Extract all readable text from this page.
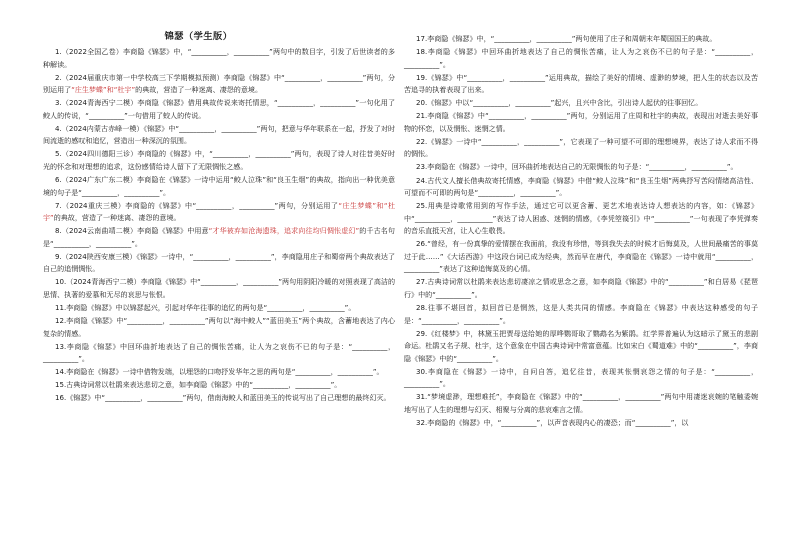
锦瑟（学生版）

1.（2022全国乙卷）李商隐《锦瑟》中，“__________，__________”两句中的数目字，引发了后世读者的多种解读。

2.（2024届重庆市第一中学校高三下学期模拟预测）李商隐《锦瑟》中“__________，__________”两句，分别运用了“庄生梦蝶”和“杜宇”的典故，营造了一种迷离、凄怨的意境。

3.（2024青海西宁二模）李商隐《锦瑟》借用典故传说来寄托情思，“__________，__________”一句化用了鲛人的传说，“__________”一句借用了蛟人的传说。

4.（2024内蒙古赤峰一模）《锦瑟》中“__________，__________”两句，把意与华年联系在一起，抒发了对时间流逝的感叹和追忆，营造出一种深沉的氛围。

5.（2024四川德阳三诊）李商隐的《锦瑟》中，“__________，__________”两句，表现了诗人对往昔美好时光的怀念和对理想的追求，这份感情给诗人留下了无限惆怅之感。

6.（2024广东广东二模）李商隐在《锦瑟》一诗中运用“鲛人泣珠”和“良玉生烟”的典故，指向出一种优美意境的句子是“__________，__________”。

7.（2024重庆三模）李商隐的《锦瑟》中“__________，__________”两句，分别运用了“庄生梦蝶”和“杜宇”的典故，营造了一种迷离、凄怨的意境。

8.（2024云南曲靖二模）李商隐《锦瑟》中用意“才华被弃如沧海遗珠，追求向往均归惆怅虚幻”的千古名句是“__________，__________”。

9.（2024陕西安康三模）《锦瑟》一诗中，“__________，__________”，李商隐用庄子和蜀帝两个典故表达了自己的追惘惆怅。

10.（2024青海西宁二模）李商隐《锦瑟》中“__________，__________”两句用阴阳冷暖的对照表现了高洁的思情、执著的爱慕和无尽的哀思与怅恨。

11.李商隐《锦瑟》中以锦瑟起兴，引起对华年往事的追忆的两句是“__________，__________”。

12.李商隐《锦瑟》中“__________，__________”两句以“海中鲛人”“蓝田美玉”两个典故，含蓄地表达了内心复杂的情感。

13.李商隐《锦瑟》中回环曲折地表达了自己的惆怅苦痛，让人为之哀伤不已的句子是：“__________，__________”。

14.李商隐在《锦瑟》一诗中借物发端，以埋怨的口吻抒发华年之思的两句是“__________，__________”。

15.古典诗词常以杜鹃来表达悲切之意，如李商隐《锦瑟》中的“__________，__________”。

16.《锦瑟》中“__________，__________”两句，借南海鲛人和蓝田美玉的传说写出了自己理想的最终幻灭。

17.李商隐《锦瑟》中，“__________，__________”两句使用了庄子和周朝末年蜀国国王的典故。

18.李商隐《锦瑟》中回环曲折地表达了自己的惆怅苦痛，让人为之哀伤不已的句子是：“__________，__________”。

19.《锦瑟》中“__________，__________”运用典故，描绘了美好的情境、虚渺的梦境，把人生的状态以及苦苦追寻的执着表现了出来。

20.《锦瑟》中以“__________，__________”起兴，且兴中含比，引出诗人起伏的往事回忆。

21.李商隐《锦瑟》中“__________，__________”两句，分别运用了庄周和杜宇的典故，表现出对逝去美好事物的怀恋，以及惘怅、迷惘之情。

22.《锦瑟》一诗中“__________，__________”，它表现了一种可望不可即的理想境界，表达了诗人求而不得的惆怅。

23.李商隐在《锦瑟》一诗中，回环曲折地表达自己的无限惆怅的句子是：“__________，__________”。

24.古代文人擅长借典故寄托情感，李商隐《锦瑟》中借“鲛人泣珠”和“良玉生烟”两典抒写苦闷情绪高洁性、可望而不可即的两句是“__________，__________”。

25.用典是诗歌常用到的写作手法，通过它可以更含蓄、更艺术地表达诗人想表达的内容，如：《锦瑟》中“__________，__________”表达了诗人困惑、迷惘的情感，《李凭箜篌引》中“__________”一句表现了李凭弹奏的音乐直抵天宫，让人心生敬畏。

26.“曾经，有一份真挚的爱情摆在我面前，我没有珍惜，等到我失去的时候才后悔莫及，人世间最痛苦的事莫过于此……”《大话西游》中这段台词已成为经典，然而早在唐代，李商隐在《锦瑟》一诗中就用“__________，__________”表达了这种追悔莫及的心情。

27.古典诗词常以杜鹃来表达悲切凄凉之情或思念之意，如李商隐《锦瑟》中的“__________”和白居易《琵琶行》中的“__________”。

28.往事不堪回首，拟回首已是惘然，这是人类共同的情感。李商隐在《锦瑟》中表达这种感受的句子是：“__________，__________”。

29.《红楼梦》中，林黛玉把贾母送给她的厚哗鹦哥取了鹦鹉名为紫鹃。红学界普遍认为这暗示了黛玉的悲剧命运。杜鹃又名子规、杜宇，这个意象在中国古典诗词中常富意蕴。比如宋白《蜀道难》中的“__________”，李商隐《锦瑟》中的“__________”。

30.李商隐在《锦瑟》一诗中，自问自答，追忆往昔，表现其怅惘哀怨之情的句子是：“__________，__________”。

31.“梦境虚渺，理想难托”，李商隐在《锦瑟》中的“__________，__________”两句中用凄迷哀婉的笔触委婉地写出了人生的理想与幻灭、相聚与分离的悲哀难言之情。

32.李商隐的《锦瑟》中，“__________”，以声音表现内心的凄恐；而“__________”，以
